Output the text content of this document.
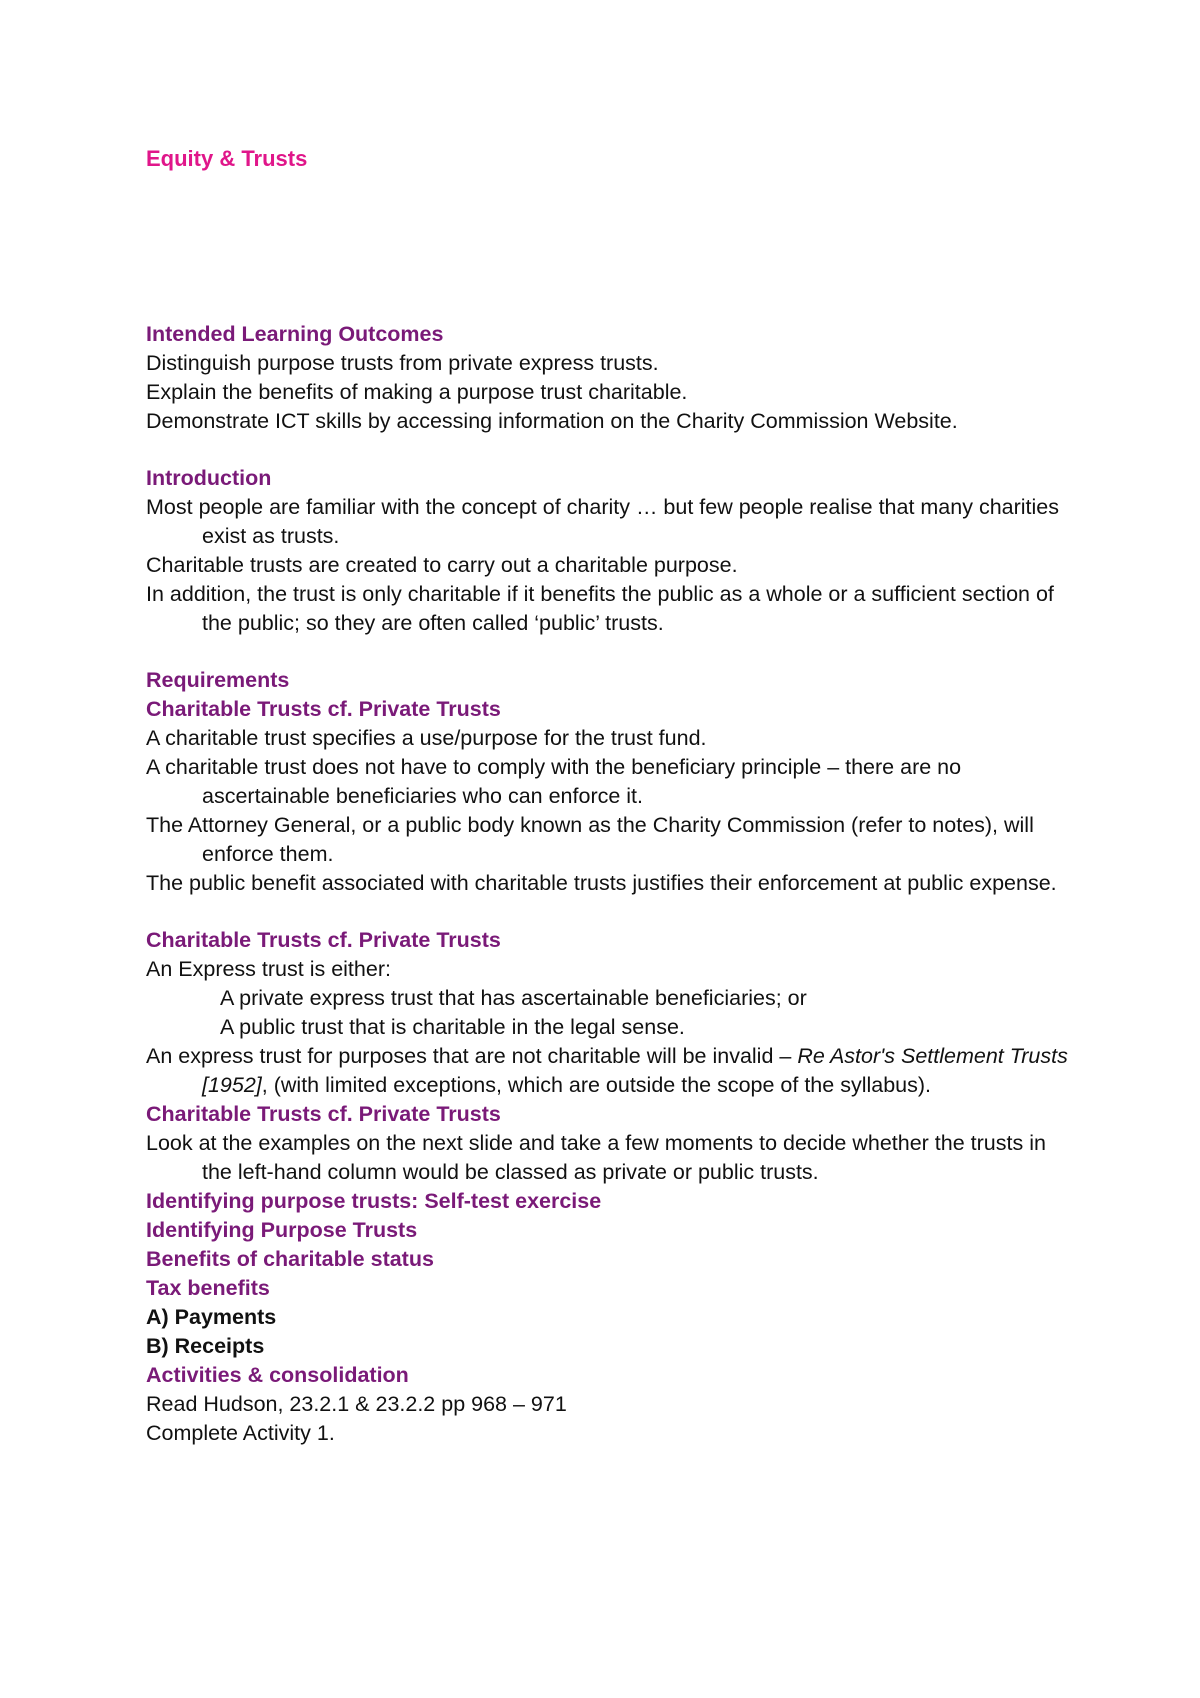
Equity & Trusts

Intended Learning Outcomes

Distinguish purpose trusts from private express trusts.

Explain the benefits of making a purpose trust charitable.

Demonstrate ICT skills by accessing information on the Charity Commission Website.

Introduction

Most people are familiar with the concept of charity … but few people realise that many charities exist as trusts.

Charitable trusts are created to carry out a charitable purpose.

In addition, the trust is only charitable if it benefits the public as a whole or a sufficient section of the public; so they are often called ‘public’ trusts.

Requirements

Charitable Trusts cf. Private Trusts

A charitable trust specifies a use/purpose for the trust fund.

A charitable trust does not have to comply with the beneficiary principle – there are no ascertainable beneficiaries who can enforce it.

The Attorney General, or a public body known as the Charity Commission (refer to notes), will enforce them.

The public benefit associated with charitable trusts justifies their enforcement at public expense.

Charitable Trusts cf. Private Trusts

An Express trust is either:

A private express trust that has ascertainable beneficiaries; or

A public trust that is charitable in the legal sense.

An express trust for purposes that are not charitable will be invalid – Re Astor's Settlement Trusts [1952], (with limited exceptions, which are outside the scope of the syllabus).

Charitable Trusts cf. Private Trusts

Look at the examples on the next slide and take a few moments to decide whether the trusts in the left-hand column would be classed as private or public trusts.

Identifying purpose trusts: Self-test exercise

Identifying Purpose Trusts

Benefits of charitable status

Tax benefits

A) Payments

B) Receipts

Activities & consolidation

Read Hudson, 23.2.1 & 23.2.2 pp 968 – 971

Complete Activity 1.
